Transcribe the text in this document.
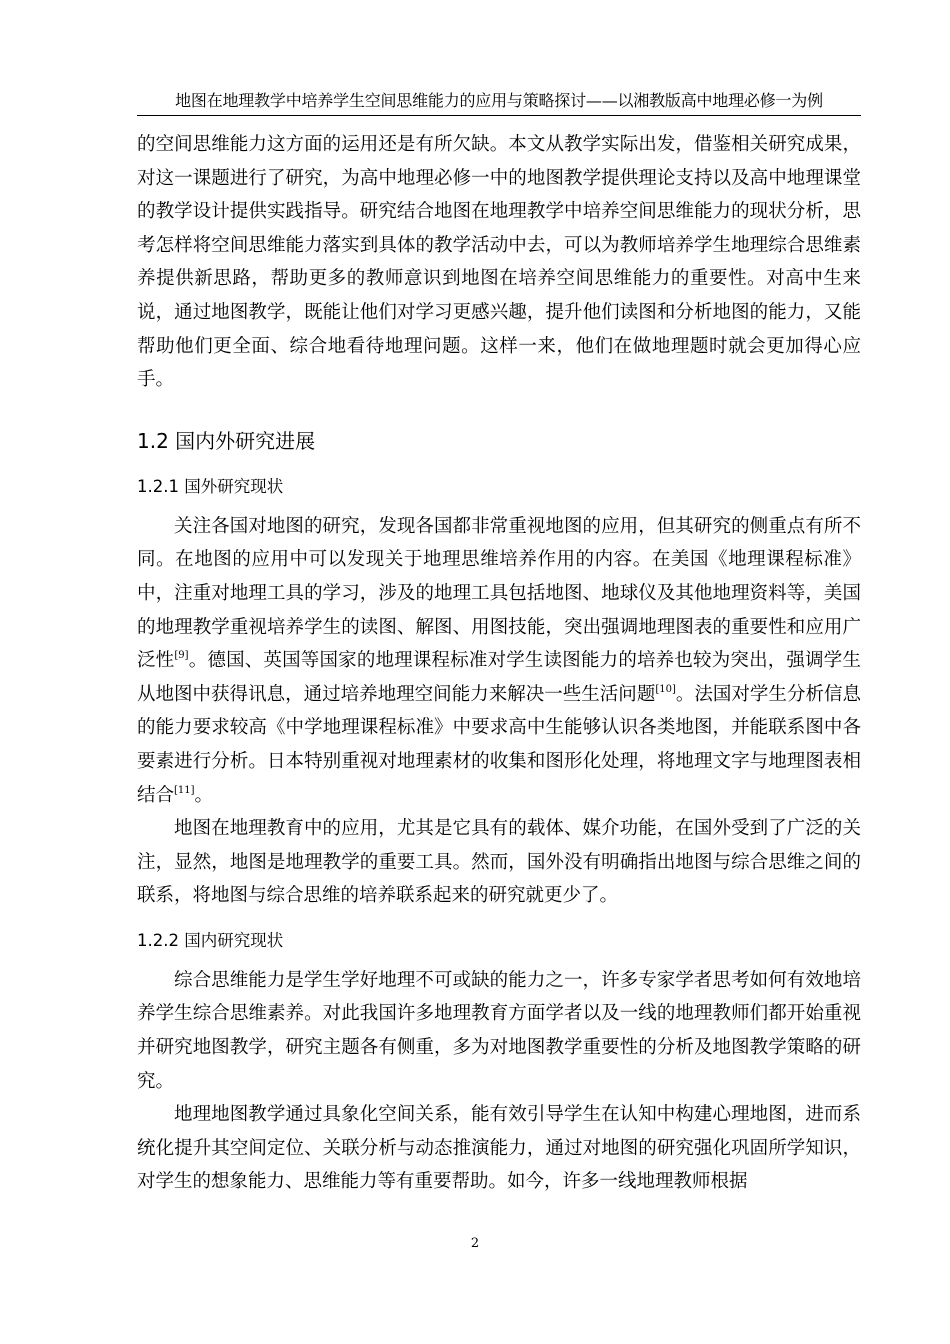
地图在地理教学中培养学生空间思维能力的应用与策略探讨——以湘教版高中地理必修一为例

的空间思维能力这方面的运用还是有所欠缺。本文从教学实际出发，借鉴相关研究成果，对这一课题进行了研究，为高中地理必修一中的地图教学提供理论支持以及高中地理课堂的教学设计提供实践指导。研究结合地图在地理教学中培养空间思维能力的现状分析，思考怎样将空间思维能力落实到具体的教学活动中去，可以为教师培养学生地理综合思维素养提供新思路，帮助更多的教师意识到地图在培养空间思维能力的重要性。对高中生来说，通过地图教学，既能让他们对学习更感兴趣，提升他们读图和分析地图的能力，又能帮助他们更全面、综合地看待地理问题。这样一来，他们在做地理题时就会更加得心应手。

1.2 国内外研究进展
1.2.1 国外研究现状

关注各国对地图的研究，发现各国都非常重视地图的应用，但其研究的侧重点有所不同。在地图的应用中可以发现关于地理思维培养作用的内容。在美国《地理课程标准》中，注重对地理工具的学习，涉及的地理工具包括地图、地球仪及其他地理资料等，美国的地理教学重视培养学生的读图、解图、用图技能，突出强调地理图表的重要性和应用广泛性[9]。德国、英国等国家的地理课程标准对学生读图能力的培养也较为突出，强调学生从地图中获得讯息，通过培养地理空间能力来解决一些生活问题[10]。法国对学生分析信息的能力要求较高《中学地理课程标准》中要求高中生能够认识各类地图，并能联系图中各要素进行分析。日本特别重视对地理素材的收集和图形化处理，将地理文字与地理图表相结合[11]。

地图在地理教育中的应用，尤其是它具有的载体、媒介功能，在国外受到了广泛的关注，显然，地图是地理教学的重要工具。然而，国外没有明确指出地图与综合思维之间的联系，将地图与综合思维的培养联系起来的研究就更少了。

1.2.2 国内研究现状

综合思维能力是学生学好地理不可或缺的能力之一，许多专家学者思考如何有效地培养学生综合思维素养。对此我国许多地理教育方面学者以及一线的地理教师们都开始重视并研究地图教学，研究主题各有侧重，多为对地图教学重要性的分析及地图教学策略的研究。

地理地图教学通过具象化空间关系，能有效引导学生在认知中构建心理地图，进而系统化提升其空间定位、关联分析与动态推演能力，通过对地图的研究强化巩固所学知识，对学生的想象能力、思维能力等有重要帮助。如今，许多一线地理教师根据

2
